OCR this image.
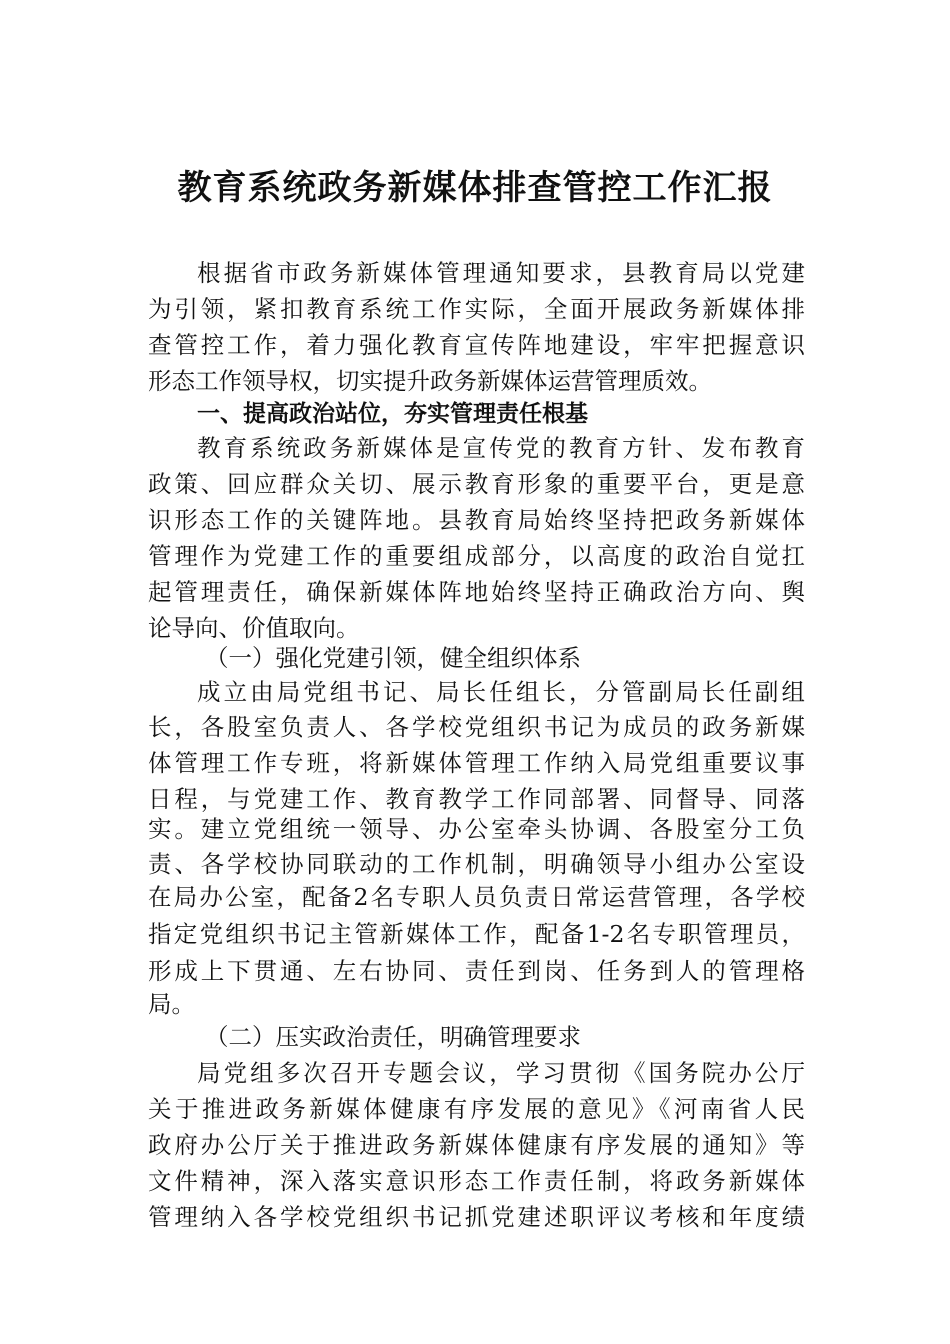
教育系统政务新媒体排查管控工作汇报
根据省市政务新媒体管理通知要求，县教育局以党建
为引领，紧扣教育系统工作实际，全面开展政务新媒体排
查管控工作，着力强化教育宣传阵地建设，牢牢把握意识
形态工作领导权，切实提升政务新媒体运营管理质效。
一、提高政治站位，夯实管理责任根基
教育系统政务新媒体是宣传党的教育方针、发布教育
政策、回应群众关切、展示教育形象的重要平台，更是意
识形态工作的关键阵地。县教育局始终坚持把政务新媒体
管理作为党建工作的重要组成部分，以高度的政治自觉扛
起管理责任，确保新媒体阵地始终坚持正确政治方向、舆
论导向、价值取向。
（一）强化党建引领，健全组织体系
成立由局党组书记、局长任组长，分管副局长任副组
长，各股室负责人、各学校党组织书记为成员的政务新媒
体管理工作专班，将新媒体管理工作纳入局党组重要议事
日程，与党建工作、教育教学工作同部署、同督导、同落
实。建立党组统一领导、办公室牵头协调、各股室分工负
责、各学校协同联动的工作机制，明确领导小组办公室设
在局办公室，配备2名专职人员负责日常运营管理，各学校
指定党组织书记主管新媒体工作，配备1-2名专职管理员，
形成上下贯通、左右协同、责任到岗、任务到人的管理格
局。
（二）压实政治责任，明确管理要求
局党组多次召开专题会议，学习贯彻《国务院办公厅
关于推进政务新媒体健康有序发展的意见》《河南省人民
政府办公厅关于推进政务新媒体健康有序发展的通知》等
文件精神，深入落实意识形态工作责任制，将政务新媒体
管理纳入各学校党组织书记抓党建述职评议考核和年度绩
